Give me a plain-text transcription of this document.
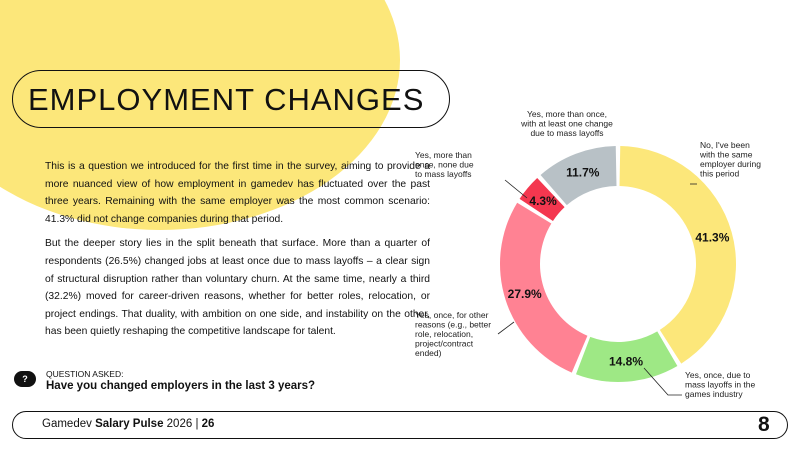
EMPLOYMENT CHANGES

This is a question we introduced for the first time in the survey, aiming to provide a more nuanced view of how employment in gamedev has fluctuated over the past three years. Remaining with the same employer was the most common scenario: 41.3% did not change companies during that period.

But the deeper story lies in the split beneath that surface. More than a quarter of respondents (26.5%) changed jobs at least once due to mass layoffs – a clear sign of structural disruption rather than voluntary churn. At the same time, nearly a third (32.2%) moved for career-driven reasons, whether for better roles, relocation, or project endings. That duality, with ambition on one side, and instability on the other, has been quietly reshaping the competitive landscape for talent.

?	QUESTION ASKED:
Have you changed employers in the last 3 years?
41.3%
No, I've been with the same employer during this period
14.8%
Yes, once, due to mass layoffs in the games industry
27.9%
Yes, once, for other reasons (e.g., better role, relocation, project/contract ended)
4.3%
Yes, more than once, none due to mass layoffs	11.7%
Yes, more than once, with at least one change due to mass layoffs
Gamedev Salary Pulse 2026 | 26	8
